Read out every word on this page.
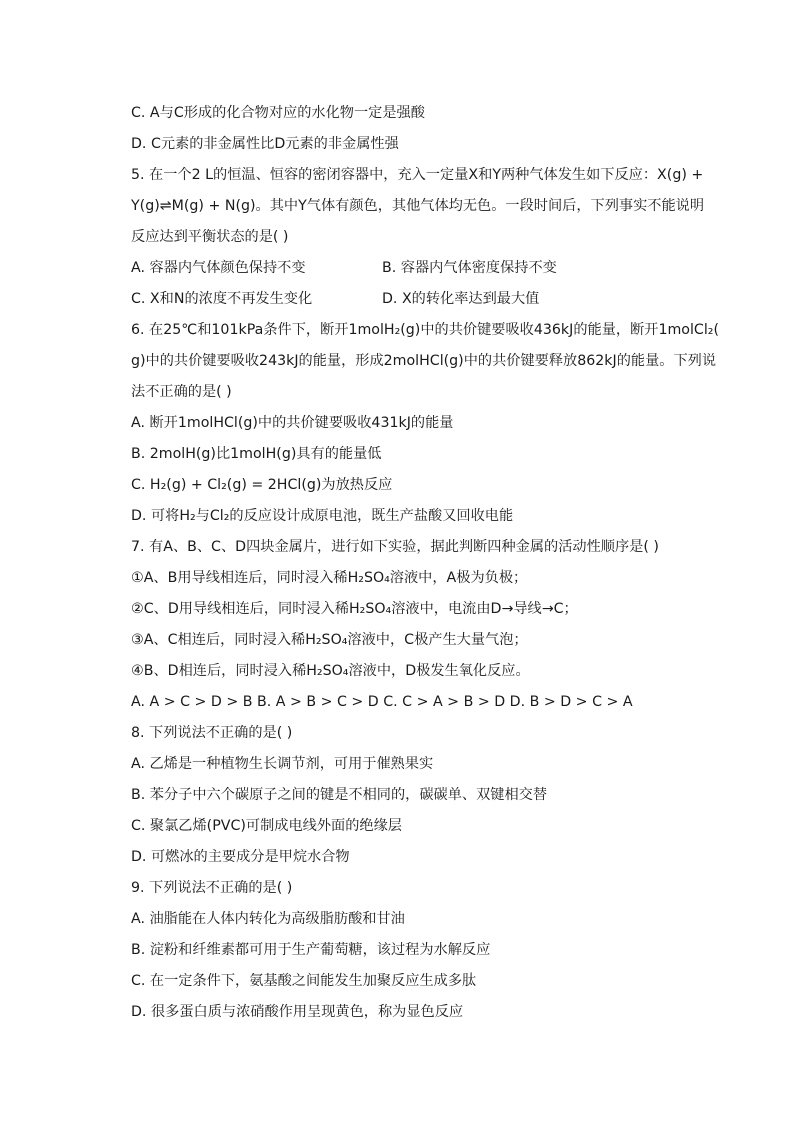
C. A与C形成的化合物对应的水化物一定是强酸
D. C元素的非金属性比D元素的非金属性强
5. 在一个2 L的恒温、恒容的密闭容器中，充入一定量X和Y两种气体发生如下反应：X(g) +
Y(g)⇌M(g) + N(g)。其中Y气体有颜色，其他气体均无色。一段时间后，下列事实不能说明
反应达到平衡状态的是( )
A. 容器内气体颜色保持不变	B. 容器内气体密度保持不变
C. X和N的浓度不再发生变化	D. X的转化率达到最大值
6. 在25℃和101kPa条件下，断开1molH₂(g)中的共价键要吸收436kJ的能量，断开1molCl₂(
g)中的共价键要吸收243kJ的能量，形成2molHCl(g)中的共价键要释放862kJ的能量。下列说
法不正确的是( )
A. 断开1molHCl(g)中的共价键要吸收431kJ的能量
B. 2molH(g)比1molH(g)具有的能量低
C. H₂(g) + Cl₂(g) = 2HCl(g)为放热反应
D. 可将H₂与Cl₂的反应设计成原电池，既生产盐酸又回收电能
7. 有A、B、C、D四块金属片，进行如下实验，据此判断四种金属的活动性顺序是( )
①A、B用导线相连后，同时浸入稀H₂SO₄溶液中，A极为负极；
②C、D用导线相连后，同时浸入稀H₂SO₄溶液中，电流由D→导线→C；
③A、C相连后，同时浸入稀H₂SO₄溶液中，C极产生大量气泡；
④B、D相连后，同时浸入稀H₂SO₄溶液中，D极发生氧化反应。
A. A > C > D > B B. A > B > C > D C. C > A > B > D D. B > D > C > A
8. 下列说法不正确的是( )
A. 乙烯是一种植物生长调节剂，可用于催熟果实
B. 苯分子中六个碳原子之间的键是不相同的，碳碳单、双键相交替
C. 聚氯乙烯(PVC)可制成电线外面的绝缘层
D. 可燃冰的主要成分是甲烷水合物
9. 下列说法不正确的是( )
A. 油脂能在人体内转化为高级脂肪酸和甘油
B. 淀粉和纤维素都可用于生产葡萄糖，该过程为水解反应
C. 在一定条件下，氨基酸之间能发生加聚反应生成多肽
D. 很多蛋白质与浓硝酸作用呈现黄色，称为显色反应
